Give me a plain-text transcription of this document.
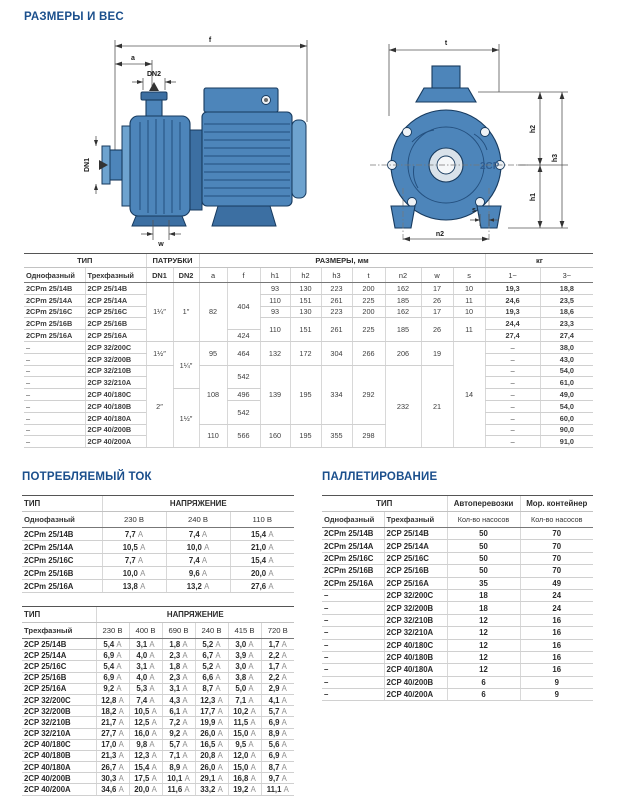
РАЗМЕРЫ И ВЕС
f
a
DN2
DN1
w
t
2CP
h2
h1
h3
s
n2
ТИП		ПАТРУБКИ		РАЗМЕРЫ, мм									кг	
Однофазный	Трехфазный	DN1	DN2	a	f	h1	h2	h3	t	n2	w	s	1~	3~
2CPm 25/14B	2CP 25/14B	1¼″	1″	82	404	93	130	223	200	162	17	10	19,3	18,8
2CPm 25/14A	2CP 25/14A					110	151	261	225	185	26	11	24,6	23,5
2CPm 25/16C	2CP 25/16C					93	130	223	200	162	17	10	19,3	18,6
2CPm 25/16B	2CP 25/16B					110	151	261	225	185	26	11	24,4	23,3
2CPm 25/16A	2CP 25/16A				424								27,4	27,4
–	2CP 32/200C	1½″	1¼″	95	464	132	172	304	266	206	19	14	–	38,0
–	2CP 32/200B												–	43,0
–	2CP 32/210B	2″		108	542	139	195	334	292	232	21		–	54,0
–	2CP 32/210A												–	61,0
–	2CP 40/180C		1½″		496								–	49,0
–	2CP 40/180B				542								–	54,0
–	2CP 40/180A												–	60,0
–	2CP 40/200B			110	566	160	195	355	298				–	90,0
–	2CP 40/200A												–	91,0
ПОТРЕБЛЯЕМЫЙ ТОК
ТИП	НАПРЯЖЕНИЕ		
Однофазный	230 В	240 В	110 В
2CPm 25/14B	7,7 A	7,4 A	15,4 A
2CPm 25/14A	10,5 A	10,0 A	21,0 A
2CPm 25/16C	7,7 A	7,4 A	15,4 A
2CPm 25/16B	10,0 A	9,6 A	20,0 A
2CPm 25/16A	13,8 A	13,2 A	27,6 A
ТИП	НАПРЯЖЕНИЕ					
Трехфазный	230 В	400 В	690 В	240 В	415 В	720 В
2CP 25/14B	5,4 A	3,1 A	1,8 A	5,2 A	3,0 A	1,7 A
2CP 25/14A	6,9 A	4,0 A	2,3 A	6,7 A	3,9 A	2,2 A
2CP 25/16C	5,4 A	3,1 A	1,8 A	5,2 A	3,0 A	1,7 A
2CP 25/16B	6,9 A	4,0 A	2,3 A	6,6 A	3,8 A	2,2 A
2CP 25/16A	9,2 A	5,3 A	3,1 A	8,7 A	5,0 A	2,9 A
2CP 32/200C	12,8 A	7,4 A	4,3 A	12,3 A	7,1 A	4,1 A
2CP 32/200B	18,2 A	10,5 A	6,1 A	17,7 A	10,2 A	5,7 A
2CP 32/210B	21,7 A	12,5 A	7,2 A	19,9 A	11,5 A	6,9 A
2CP 32/210A	27,7 A	16,0 A	9,2 A	26,0 A	15,0 A	8,9 A
2CP 40/180C	17,0 A	9,8 A	5,7 A	16,5 A	9,5 A	5,6 A
2CP 40/180B	21,3 A	12,3 A	7,1 A	20,8 A	12,0 A	6,9 A
2CP 40/180A	26,7 A	15,4 A	8,9 A	26,0 A	15,0 A	8,7 A
2CP 40/200B	30,3 A	17,5 A	10,1 A	29,1 A	16,8 A	9,7 A
2CP 40/200A	34,6 A	20,0 A	11,6 A	33,2 A	19,2 A	11,1 A
ПАЛЛЕТИРОВАНИЕ
ТИП		Автоперевозки	Мор. контейнер
Однофазный	Трехфазный	Кол-во насосов	Кол-во насосов
2CPm 25/14B	2CP 25/14B	50	70
2CPm 25/14A	2CP 25/14A	50	70
2CPm 25/16C	2CP 25/16C	50	70
2CPm 25/16B	2CP 25/16B	50	70
2CPm 25/16A	2CP 25/16A	35	49
–	2CP 32/200C	18	24
–	2CP 32/200B	18	24
–	2CP 32/210B	12	16
–	2CP 32/210A	12	16
–	2CP 40/180C	12	16
–	2CP 40/180B	12	16
–	2CP 40/180A	12	16
–	2CP 40/200B	6	9
–	2CP 40/200A	6	9
